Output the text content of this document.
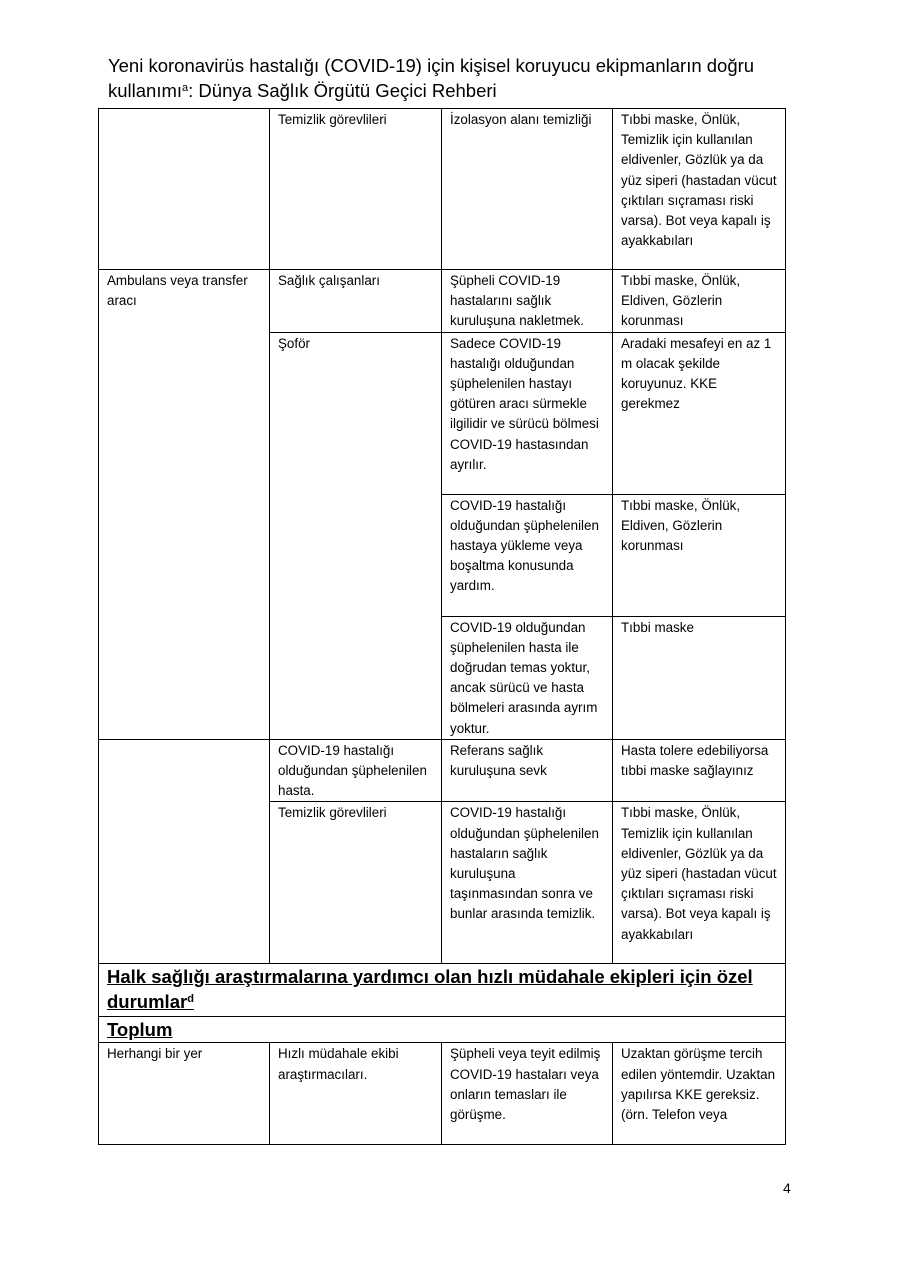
Yeni koronavirüs hastalığı (COVID-19) için kişisel koruyucu ekipmanların doğru kullanımı$^a$: Dünya Sağlık Örgütü Geçici Rehberi
	Temizlik görevlileri	İzolasyon alanı temizliği	Tıbbi maske, Önlük, Temizlik için kullanılan eldivenler, Gözlük ya da yüz siperi (hastadan vücut çıktıları sıçraması riski varsa). Bot veya kapalı iş ayakkabıları
Ambulans veya transfer aracı	Sağlık çalışanları	Şüpheli COVID-19 hastalarını sağlık kuruluşuna nakletmek.	Tıbbi maske, Önlük, Eldiven, Gözlerin korunması
	Şoför	Sadece COVID-19 hastalığı olduğundan şüphelenilen hastayı götüren aracı sürmekle ilgilidir ve sürücü bölmesi COVID-19 hastasından ayrılır.	Aradaki mesafeyi en az 1 m olacak şekilde koruyunuz. KKE gerekmez
		COVID-19 hastalığı olduğundan şüphelenilen hastaya yükleme veya boşaltma konusunda yardım.	Tıbbi maske, Önlük, Eldiven, Gözlerin korunması
		COVID-19 olduğundan şüphelenilen hasta ile doğrudan temas yoktur, ancak sürücü ve hasta bölmeleri arasında ayrım yoktur.	Tıbbi maske
	COVID-19 hastalığı olduğundan şüphelenilen hasta.	Referans sağlık kuruluşuna sevk	Hasta tolere edebiliyorsa tıbbi maske sağlayınız
	Temizlik görevlileri	COVID-19 hastalığı olduğundan şüphelenilen hastaların sağlık kuruluşuna taşınmasından sonra ve bunlar arasında temizlik.	Tıbbi maske, Önlük, Temizlik için kullanılan eldivenler, Gözlük ya da yüz siperi (hastadan vücut çıktıları sıçraması riski varsa). Bot veya kapalı iş ayakkabıları
Halk sağlığı araştırmalarına yardımcı olan hızlı müdahale ekipleri için özel durumlar$^d$
Toplum			
Herhangi bir yer	Hızlı müdahale ekibi araştırmacıları.	Şüpheli veya teyit edilmiş COVID-19 hastaları veya onların temasları ile görüşme.	Uzaktan görüşme tercih edilen yöntemdir. Uzaktan yapılırsa KKE gereksiz. (örn. Telefon veya
4
